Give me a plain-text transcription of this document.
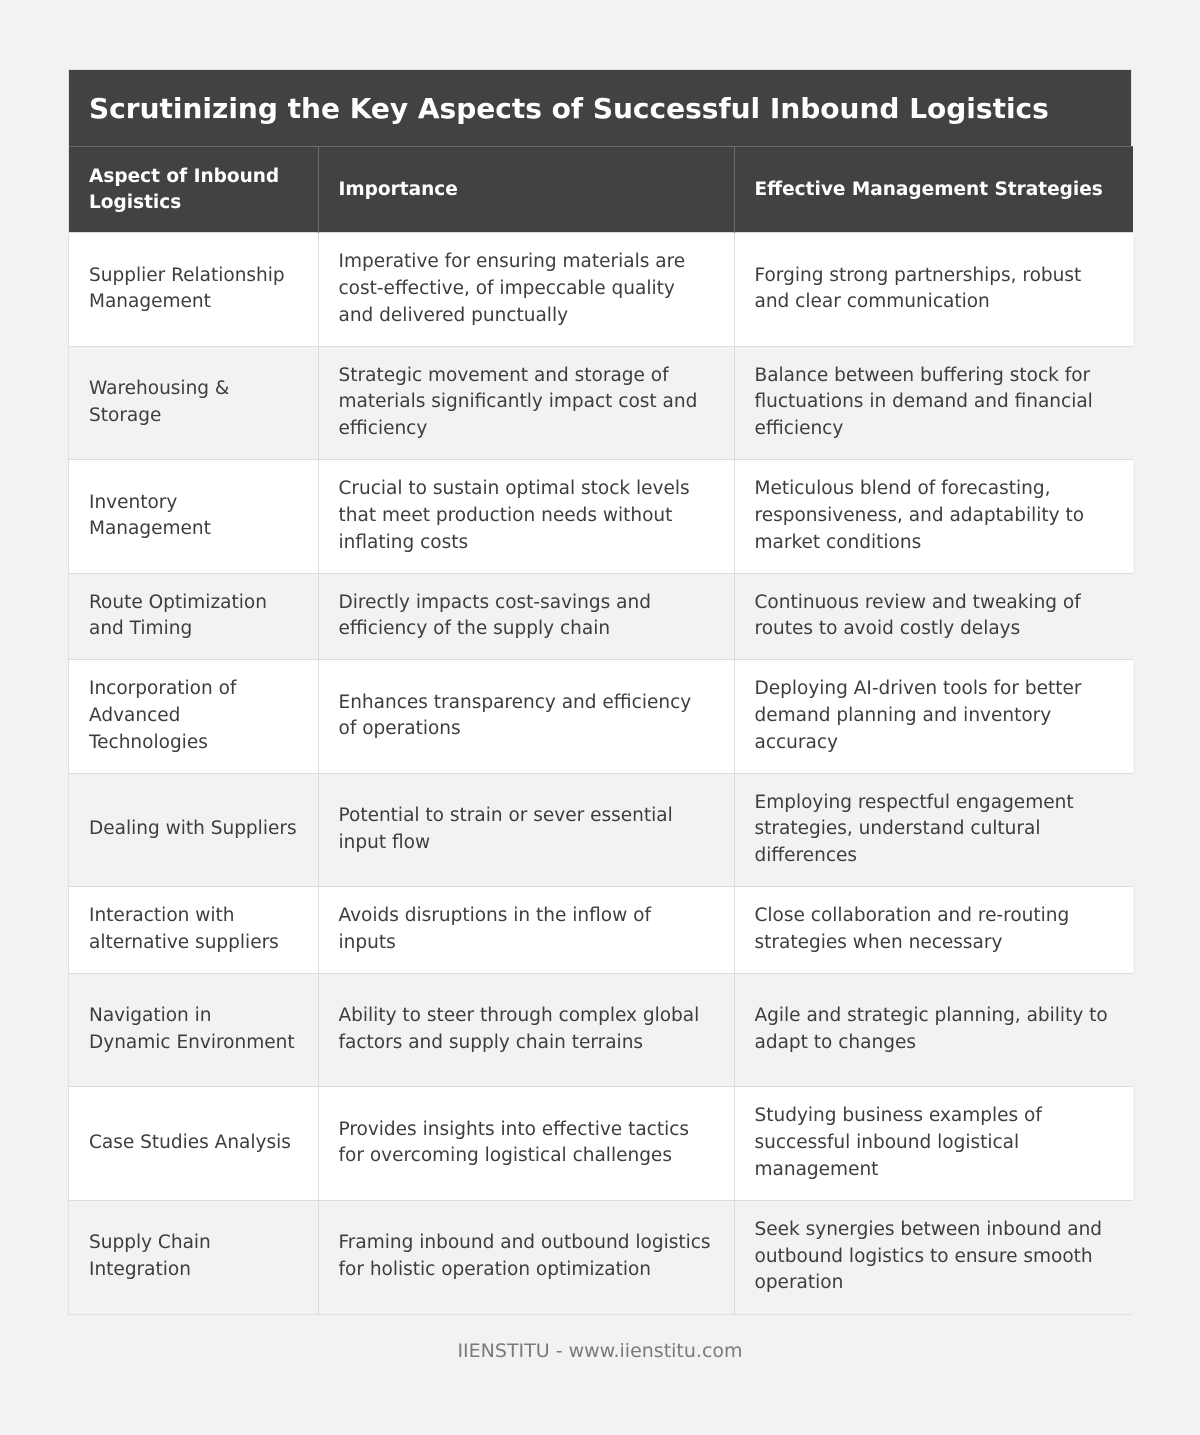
Scrutinizing the Key Aspects of Successful Inbound Logistics
Aspect of Inbound Logistics	Importance	Effective Management Strategies
Supplier Relationship Management	Imperative for ensuring materials are cost-effective, of impeccable quality and delivered punctually	Forging strong partnerships, robust and clear communication
Warehousing & Storage	Strategic movement and storage of materials significantly impact cost and efficiency	Balance between buffering stock for fluctuations in demand and financial efficiency
Inventory Management	Crucial to sustain optimal stock levels that meet production needs without inflating costs	Meticulous blend of forecasting, responsiveness, and adaptability to market conditions
Route Optimization and Timing	Directly impacts cost-savings and efficiency of the supply chain	Continuous review and tweaking of routes to avoid costly delays
Incorporation of Advanced Technologies	Enhances transparency and efficiency of operations	Deploying AI-driven tools for better demand planning and inventory accuracy
Dealing with Suppliers	Potential to strain or sever essential input flow	Employing respectful engagement strategies, understand cultural differences
Interaction with alternative suppliers	Avoids disruptions in the inflow of inputs	Close collaboration and re-routing strategies when necessary
Navigation in Dynamic Environment	Ability to steer through complex global factors and supply chain terrains	Agile and strategic planning, ability to adapt to changes
Case Studies Analysis	Provides insights into effective tactics for overcoming logistical challenges	Studying business examples of successful inbound logistical management
Supply Chain Integration	Framing inbound and outbound logistics for holistic operation optimization	Seek synergies between inbound and outbound logistics to ensure smooth operation
IIENSTITU - www.iienstitu.com
